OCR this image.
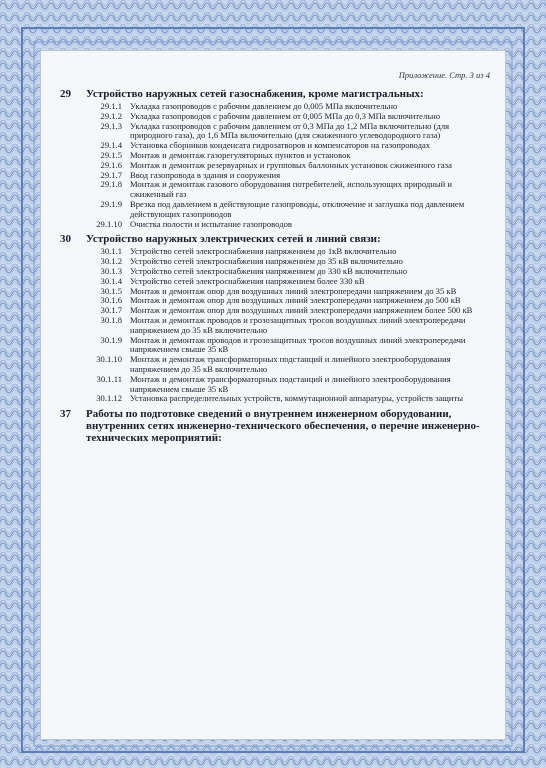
Приложение. Стр. 3 из 4
29	Устройство наружных сетей газоснабжения, кроме магистральных:
29.1.1 Укладка газопроводов с рабочим давлением до 0,005 МПа включительно
29.1.2 Укладка газопроводов с рабочим давлением от 0,005 МПа до 0,3 МПа включительно
29.1.3 Укладка газопроводов с рабочим давлением от 0,3 МПа до 1,2 МПа включительно (для природного газа), до 1,6 МПа включительно (для сжиженного углеводородного газа)
29.1.4 Установка сборников конденсата гидрозатворов и компенсаторов на газопроводах
29.1.5 Монтаж и демонтаж газорегуляторных пунктов и установок
29.1.6 Монтаж и демонтаж резервуарных и групповых баллонных установок сжиженного газа
29.1.7 Ввод газопровода в здания и сооружения
29.1.8 Монтаж и демонтаж газового оборудования потребителей, использующих природный и сжиженный газ
29.1.9 Врезка под давлением в действующие газопроводы, отключение и заглушка под давлением действующих газопроводов
29.1.10 Очистка полости и испытание газопроводов
30	Устройство наружных электрических сетей и линий связи:
30.1.1 Устройство сетей электроснабжения напряжением до 1кВ включительно
30.1.2 Устройство сетей электроснабжения напряжением до 35 кВ включительно
30.1.3 Устройство сетей электроснабжения напряжением до 330 кВ включительно
30.1.4 Устройство сетей электроснабжения напряжением более 330 кВ
30.1.5 Монтаж и демонтаж опор для воздушных линий электропередачи напряжением до 35 кВ
30.1.6 Монтаж и демонтаж опор для воздушных линий электропередачи напряжением до 500 кВ
30.1.7 Монтаж и демонтаж опор для воздушных линий электропередачи напряжением более 500 кВ
30.1.8 Монтаж и демонтаж проводов и грозозащитных тросов воздушных линий электропередачи напряжением до 35 кВ включительно
30.1.9 Монтаж и демонтаж проводов и грозозащитных тросов воздушных линий электропередачи напряжением свыше 35 кВ
30.1.10 Монтаж и демонтаж трансформаторных подстанций и линейного электрооборудования напряжением до 35 кВ включительно
30.1.11 Монтаж и демонтаж трансформаторных подстанций и линейного электрооборудования напряжением свыше 35 кВ
30.1.12 Установка распределительных устройств, коммутационной аппаратуры, устройств защиты
37	Работы по подготовке сведений о внутреннем инженерном оборудовании, внутренних сетях инженерно-технического обеспечения, о перечне инженерно-технических мероприятий:
